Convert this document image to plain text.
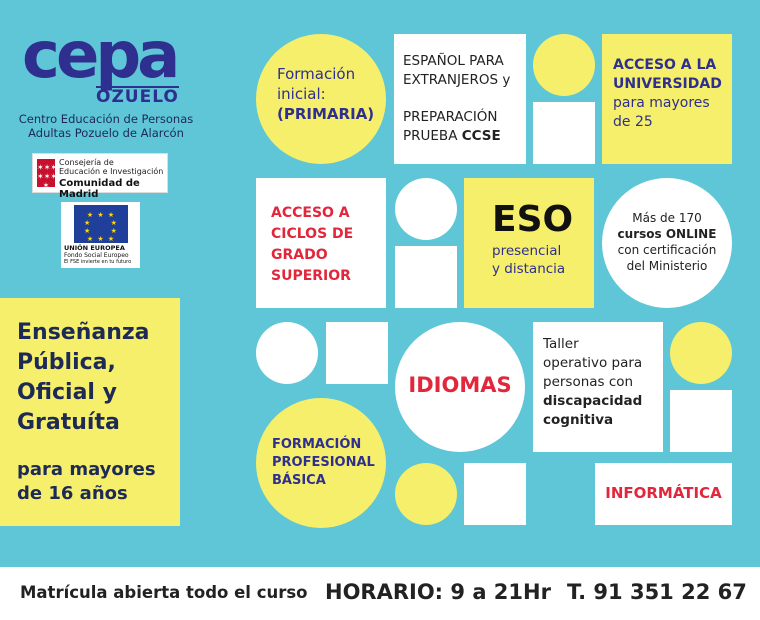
cepa
OZUELO
Centro Educación de Personas
Adultas Pozuelo de Alarcón
✶✶✶
✶✶✶
✶
Consejería de
Educación e Investigación
Comunidad de Madrid
★ ★ ★
★      ★
★      ★
★ ★ ★
UNIÓN EUROPEA
Fondo Social Europeo
El FSE invierte en tu futuro
Enseñanza
Pública,
Oficial y
Gratuíta
para mayores
de 16 años
Formación
inicial:
(PRIMARIA)
ESPAÑOL PARA
EXTRANJEROS y
PREPARACIÓN
PRUEBA CCSE
ACCESO A LA
UNIVERSIDAD
para mayores
de 25
ACCESO A
CICLOS DE
GRADO
SUPERIOR
ESO
presencial
y distancia
Más de 170
cursos ONLINE
con certificación
del Ministerio
IDIOMAS
Taller
operativo para
personas con
discapacidad
cognitiva
FORMACIÓN
PROFESIONAL
BÁSICA
INFORMÁTICA
Matrícula abierta todo el curso HORARIO: 9 a 21Hr T. 91 351 22 67
